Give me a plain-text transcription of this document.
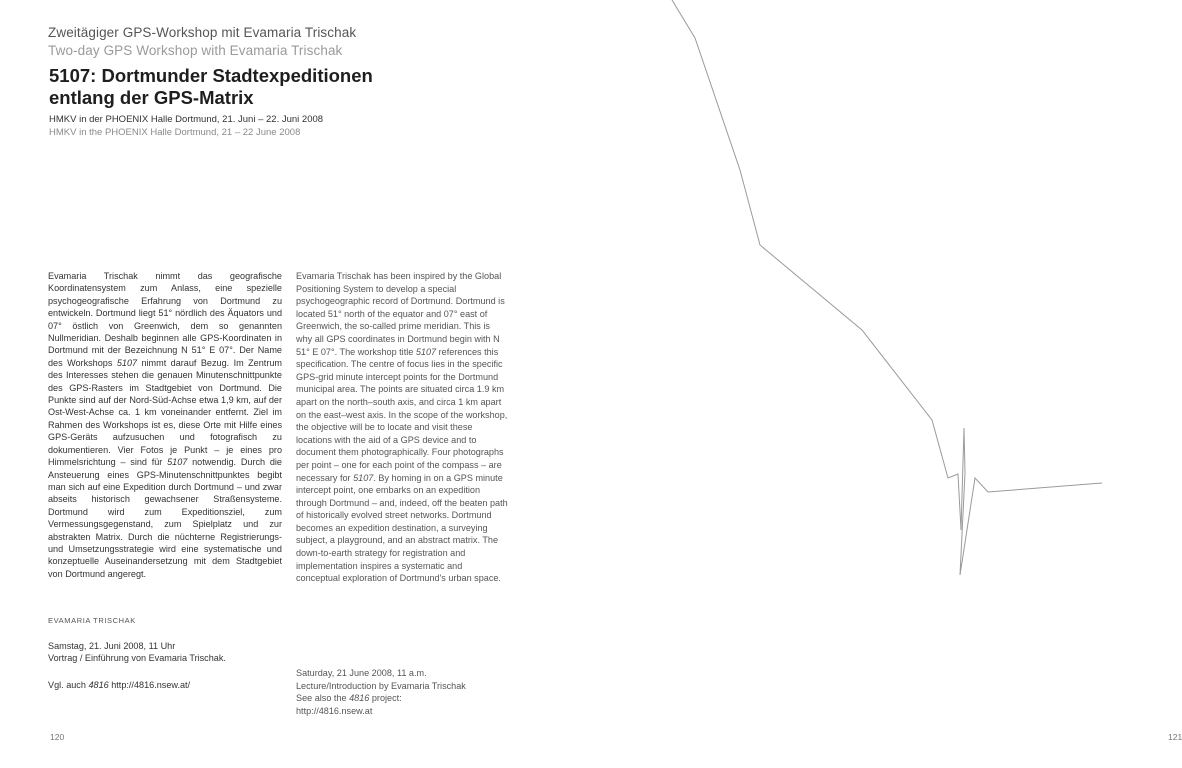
Zweitägiger GPS-Workshop mit Evamaria Trischak
Two-day GPS Workshop with Evamaria Trischak
5107: Dortmunder Stadtexpeditionen
entlang der GPS-Matrix
HMKV in der PHOENIX Halle Dortmund, 21. Juni – 22. Juni 2008
HMKV in the PHOENIX Halle Dortmund, 21 – 22 June 2008

Evamaria Trischak nimmt das geografische Koordinatensystem zum Anlass, eine spezielle psychogeografische Erfahrung von Dortmund zu entwickeln. Dortmund liegt 51° nördlich des Äquators und 07° östlich von Greenwich, dem so genannten Nullmeridian. Deshalb beginnen alle GPS-Koordinaten in Dortmund mit der Bezeichnung N 51° E 07°. Der Name des Workshops 5107 nimmt darauf Bezug. Im Zentrum des Interesses stehen die genauen Minutenschnittpunkte des GPS-Rasters im Stadtgebiet von Dortmund. Die Punkte sind auf der Nord-Süd-Achse etwa 1,9 km, auf der Ost-West-Achse ca. 1 km voneinander entfernt. Ziel im Rahmen des Workshops ist es, diese Orte mit Hilfe eines GPS-Geräts aufzusuchen und fotografisch zu dokumentieren. Vier Fotos je Punkt – je eines pro Himmelsrichtung – sind für 5107 notwendig. Durch die Ansteuerung eines GPS-Minutenschnittpunktes begibt man sich auf eine Expedition durch Dortmund – und zwar abseits historisch gewachsener Straßensysteme. Dortmund wird zum Expeditionsziel, zum Vermessungsgegenstand, zum Spielplatz und zur abstrakten Matrix. Durch die nüchterne Registrierungs- und Umsetzungsstrategie wird eine systematische und konzeptuelle Auseinandersetzung mit dem Stadtgebiet von Dortmund angeregt.

EVAMARIA TRISCHAK

Samstag, 21. Juni 2008, 11 Uhr
Vortrag / Einführung von Evamaria Trischak.

Vgl. auch 4816 http://4816.nsew.at/

Evamaria Trischak has been inspired by the Global Positioning System to develop a special psychogeographic record of Dortmund. Dortmund is located 51° north of the equator and 07° east of Greenwich, the so-called prime meridian. This is why all GPS coordinates in Dortmund begin with N 51° E 07°. The workshop title 5107 references this specification. The centre of focus lies in the specific GPS-grid minute intercept points for the Dortmund municipal area. The points are situated circa 1.9 km apart on the north–south axis, and circa 1 km apart on the east–west axis. In the scope of the workshop, the objective will be to locate and visit these locations with the aid of a GPS device and to document them photographically. Four photographs per point – one for each point of the compass – are necessary for 5107. By homing in on a GPS minute intercept point, one embarks on an expedition through Dortmund – and, indeed, off the beaten path of historically evolved street networks. Dortmund becomes an expedition destination, a surveying subject, a playground, and an abstract matrix. The down-to-earth strategy for registration and implementation inspires a systematic and conceptual exploration of Dortmund's urban space.

Saturday, 21 June 2008, 11 a.m.
Lecture/Introduction by Evamaria Trischak
See also the 4816 project:
http://4816.nsew.at

120	121
